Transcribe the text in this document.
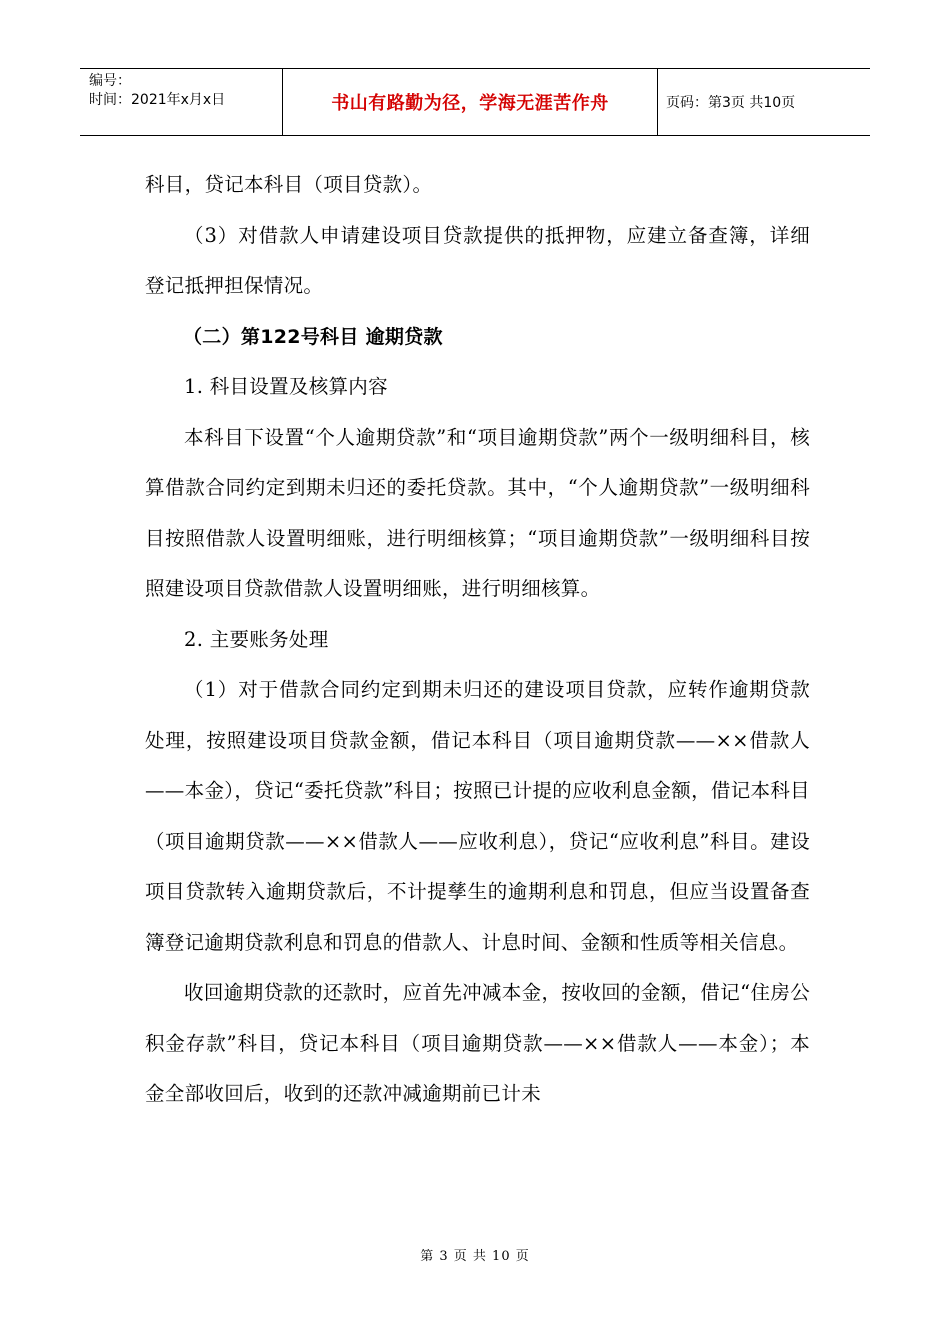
编号：
时间：2021年x月x日	书山有路勤为径，学海无涯苦作舟	页码：第3页 共10页

科目，贷记本科目（项目贷款）。

（3）对借款人申请建设项目贷款提供的抵押物，应建立备查簿，详细登记抵押担保情况。

（二）第122号科目 逾期贷款

1. 科目设置及核算内容

本科目下设置“个人逾期贷款”和“项目逾期贷款”两个一级明细科目，核算借款合同约定到期未归还的委托贷款。其中，“个人逾期贷款”一级明细科目按照借款人设置明细账，进行明细核算；“项目逾期贷款”一级明细科目按照建设项目贷款借款人设置明细账，进行明细核算。

2. 主要账务处理

（1）对于借款合同约定到期未归还的建设项目贷款，应转作逾期贷款处理，按照建设项目贷款金额，借记本科目（项目逾期贷款——××借款人——本金），贷记“委托贷款”科目；按照已计提的应收利息金额，借记本科目（项目逾期贷款——××借款人——应收利息），贷记“应收利息”科目。建设项目贷款转入逾期贷款后，不计提孳生的逾期利息和罚息，但应当设置备查簿登记逾期贷款利息和罚息的借款人、计息时间、金额和性质等相关信息。

收回逾期贷款的还款时，应首先冲减本金，按收回的金额，借记“住房公积金存款”科目，贷记本科目（项目逾期贷款——××借款人——本金）；本金全部收回后，收到的还款冲减逾期前已计未

第 3 页 共 10 页
